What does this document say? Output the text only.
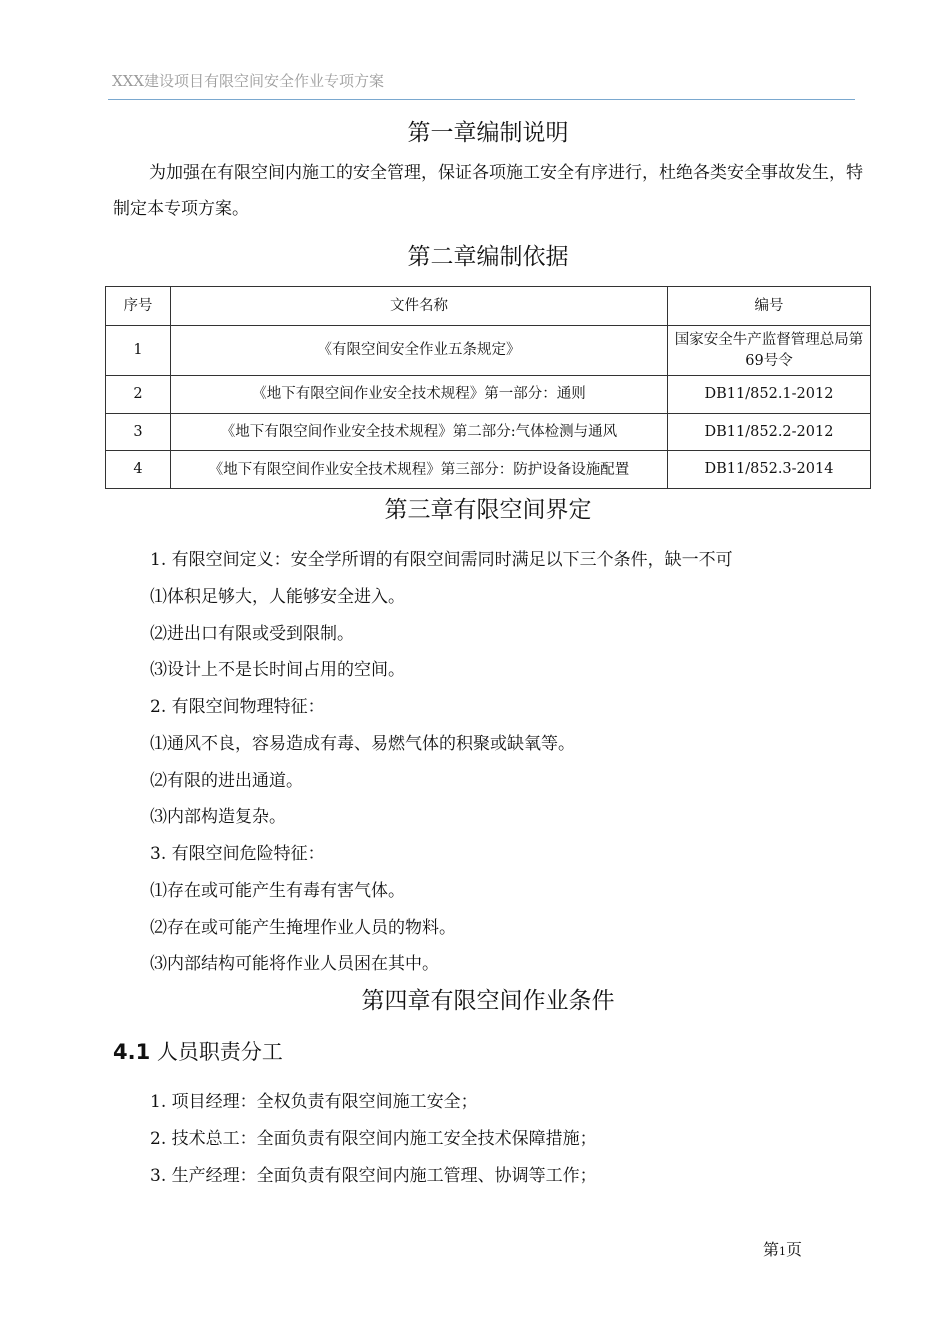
XXX建设项目有限空间安全作业专项方案
第一章编制说明

为加强在有限空间内施工的安全管理，保证各项施工安全有序进行，杜绝各类安全事故发生，特制定本专项方案。

第二章编制依据
序号	文件名称	编号
1	《有限空间安全作业五条规定》	国家安全牛产监督管理总局第69号令
2	《地下有限空间作业安全技术规程》第一部分：通则	DB11/852.1-2012
3	《地下有限空间作业安全技术规程》第二部分:气体检测与通风	DB11/852.2-2012
4	《地下有限空间作业安全技术规程》第三部分：防护设备设施配置	DB11/852.3-2014
第三章有限空间界定
1. 有限空间定义：安全学所谓的有限空间需同时满足以下三个条件，缺一不可
⑴体积足够大，人能够安全进入。
⑵进出口有限或受到限制。
⑶设计上不是长时间占用的空间。
2. 有限空间物理特征：
⑴通风不良，容易造成有毒、易燃气体的积聚或缺氧等。
⑵有限的进出通道。
⑶内部构造复杂。
3. 有限空间危险特征：
⑴存在或可能产生有毒有害气体。
⑵存在或可能产生掩埋作业人员的物料。
⑶内部结构可能将作业人员困在其中。
第四章有限空间作业条件
4.1 人员职责分工
1. 项目经理：全权负责有限空间施工安全；
2. 技术总工：全面负责有限空间内施工安全技术保障措施；
3. 生产经理：全面负责有限空间内施工管理、协调等工作；
第1页
